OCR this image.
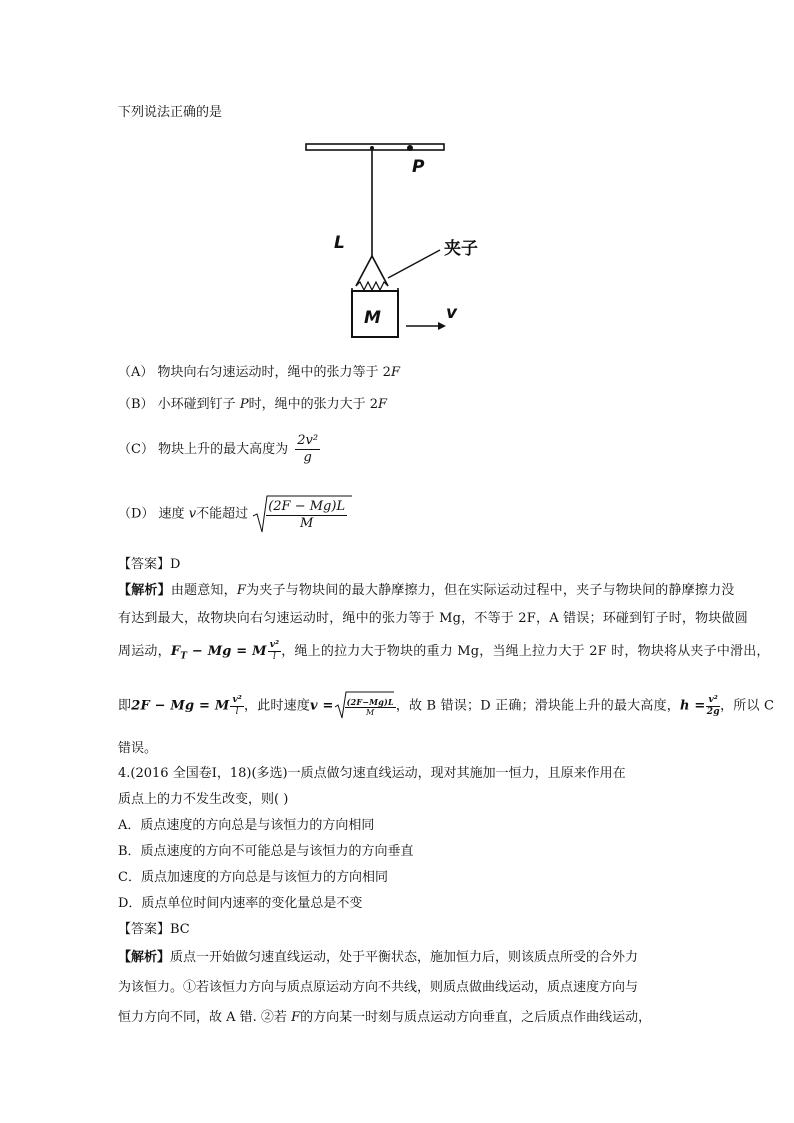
下列说法正确的是
P
L	夹子
M	v
（A） 物块向右匀速运动时，绳中的张力等于 2F
（B） 小环碰到钉子 P时，绳中的张力大于 2F
（C） 物块上升的最大高度为 $\frac{\text{2v²}}{g}$
（D） 速度 v不能超过 $\frac{(2F - Mg)L}{M}$
【答案】D
【解析】由题意知，F为夹子与物块间的最大静摩擦力，但在实际运动过程中，夹子与物块间的静摩擦力没
有达到最大，故物块向右匀速运动时，绳中的张力等于 Mg，不等于 2F，A 错误；环碰到钉子时，物块做圆
周运动，$F_T - Mg = M \frac{\text{v²}}{l}$ ，绳上的拉力大于物块的重力 Mg，当绳上拉力大于 2F 时，物块将从夹子中滑出，
即2F − Mg = M $\frac{\text{v²}}{l}$ ，此时速度$v = \frac{(2F-Mg)L}{M}$ ，故 B 错误；D 正确；滑块能上升的最大高度，$h = \frac{\text{v²}}{2g}$ ，所以 C
错误。
4.(2016 全国卷Ⅰ，18)(多选)一质点做匀速直线运动，现对其施加一恒力，且原来作用在
质点上的力不发生改变，则( )
A．质点速度的方向总是与该恒力的方向相同
B．质点速度的方向不可能总是与该恒力的方向垂直
C．质点加速度的方向总是与该恒力的方向相同
D．质点单位时间内速率的变化量总是不变
【答案】BC
【解析】质点一开始做匀速直线运动，处于平衡状态，施加恒力后，则该质点所受的合外力
为该恒力。①若该恒力方向与质点原运动方向不共线，则质点做曲线运动，质点速度方向与
恒力方向不同，故 A 错. ②若 F的方向某一时刻与质点运动方向垂直，之后质点作曲线运动，
